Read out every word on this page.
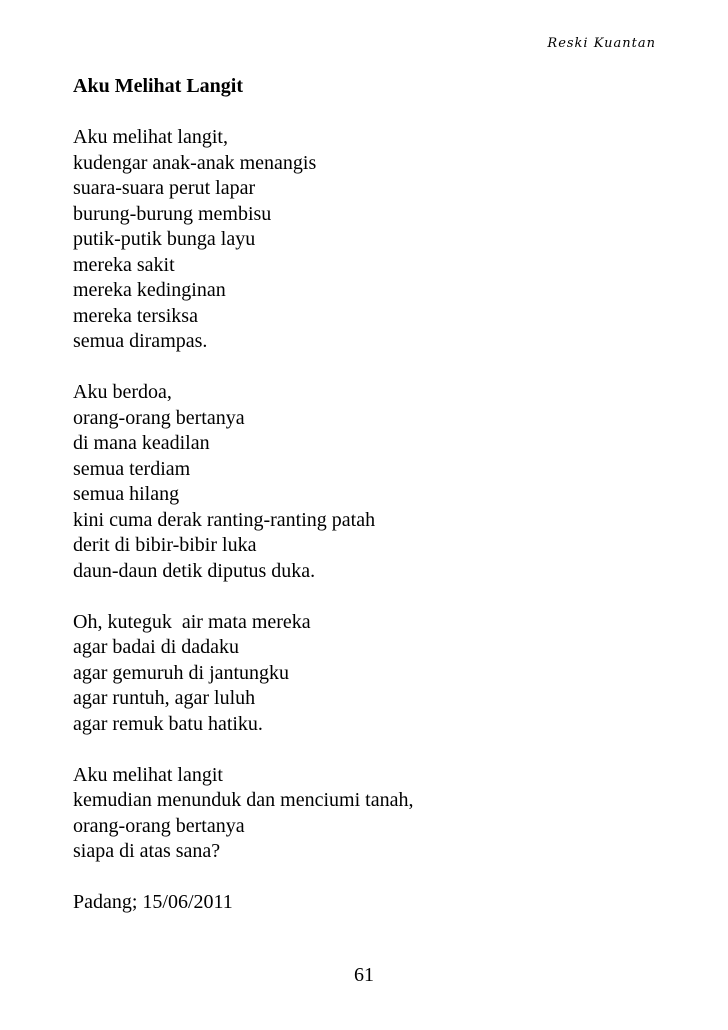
Reski Kuantan
Aku Melihat Langit
Aku melihat langit,
kudengar anak-anak menangis
suara-suara perut lapar
burung-burung membisu
putik-putik bunga layu
mereka sakit
mereka kedinginan
mereka tersiksa
semua dirampas.
Aku berdoa,
orang-orang bertanya
di mana keadilan
semua terdiam
semua hilang
kini cuma derak ranting-ranting patah
derit di bibir-bibir luka
daun-daun detik diputus duka.
Oh, kuteguk  air mata mereka
agar badai di dadaku
agar gemuruh di jantungku
agar runtuh, agar luluh
agar remuk batu hatiku.
Aku melihat langit
kemudian menunduk dan menciumi tanah,
orang-orang bertanya
siapa di atas sana?
Padang; 15/06/2011
61
